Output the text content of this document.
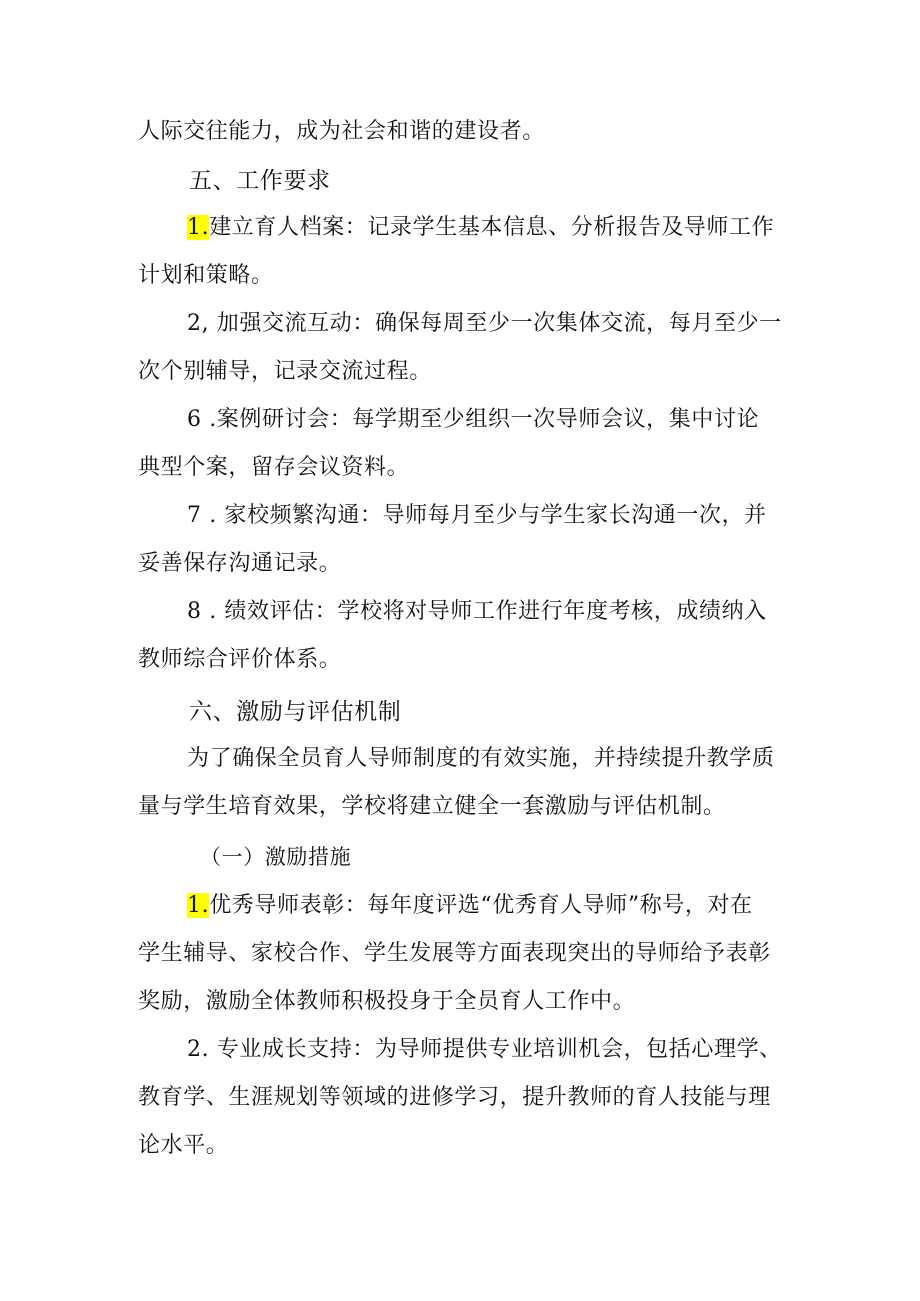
人际交往能力，成为社会和谐的建设者。
五、工作要求
1.建立育人档案：记录学生基本信息、分析报告及导师工作
计划和策略。
2, 加强交流互动：确保每周至少一次集体交流，每月至少一
次个别辅导，记录交流过程。
6 .案例研讨会：每学期至少组织一次导师会议，集中讨论
典型个案，留存会议资料。
7 . 家校频繁沟通：导师每月至少与学生家长沟通一次，并
妥善保存沟通记录。
8 . 绩效评估：学校将对导师工作进行年度考核，成绩纳入
教师综合评价体系。
六、激励与评估机制
为了确保全员育人导师制度的有效实施，并持续提升教学质
量与学生培育效果，学校将建立健全一套激励与评估机制。
（一）激励措施
1.优秀导师表彰：每年度评选“优秀育人导师”称号，对在
学生辅导、家校合作、学生发展等方面表现突出的导师给予表彰
奖励，激励全体教师积极投身于全员育人工作中。
2. 专业成长支持：为导师提供专业培训机会，包括心理学、
教育学、生涯规划等领域的进修学习，提升教师的育人技能与理
论水平。
